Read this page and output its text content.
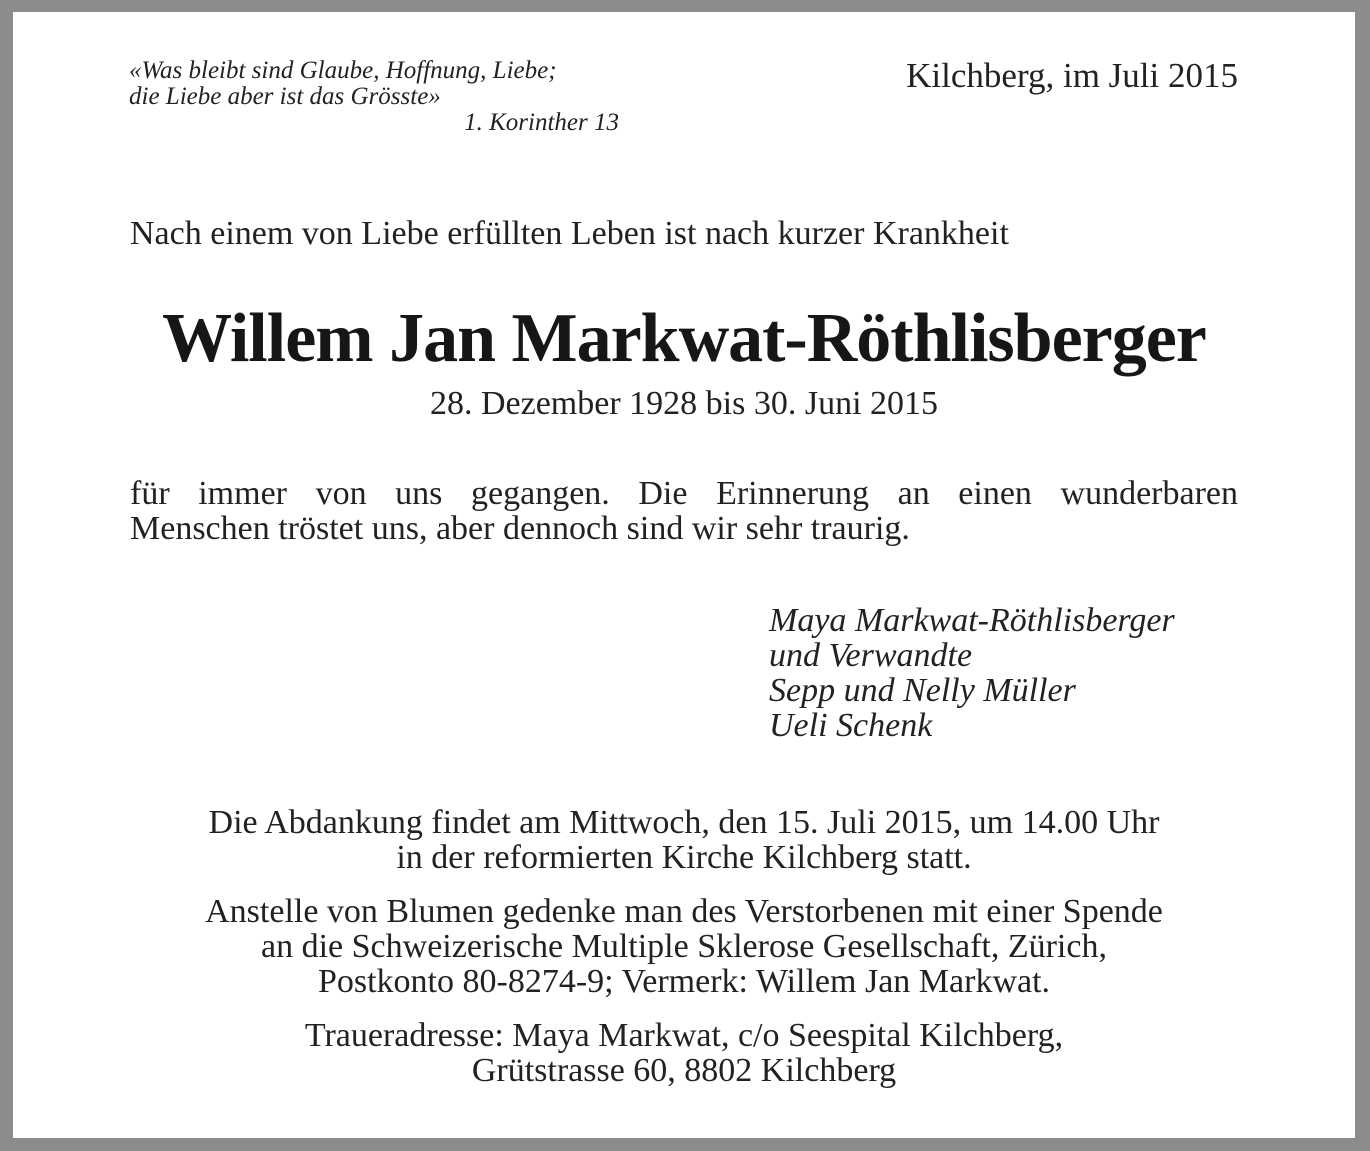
«Was bleibt sind Glaube, Hoffnung, Liebe;
die Liebe aber ist das Grösste»
1. Korinther 13
Kilchberg, im Juli 2015
Nach einem von Liebe erfüllten Leben ist nach kurzer Krankheit
Willem Jan Markwat-Röthlisberger
28. Dezember 1928 bis 30. Juni 2015
für immer von uns gegangen. Die Erinnerung an einen wunderbaren
Menschen tröstet uns, aber dennoch sind wir sehr traurig.
Maya Markwat-Röthlisberger
und Verwandte
Sepp und Nelly Müller
Ueli Schenk
Die Abdankung findet am Mittwoch, den 15. Juli 2015, um 14.00 Uhr
in der reformierten Kirche Kilchberg statt.
Anstelle von Blumen gedenke man des Verstorbenen mit einer Spende
an die Schweizerische Multiple Sklerose Gesellschaft, Zürich,
Postkonto 80-8274-9; Vermerk: Willem Jan Markwat.
Traueradresse: Maya Markwat, c/o Seespital Kilchberg,
Grütstrasse 60, 8802 Kilchberg
